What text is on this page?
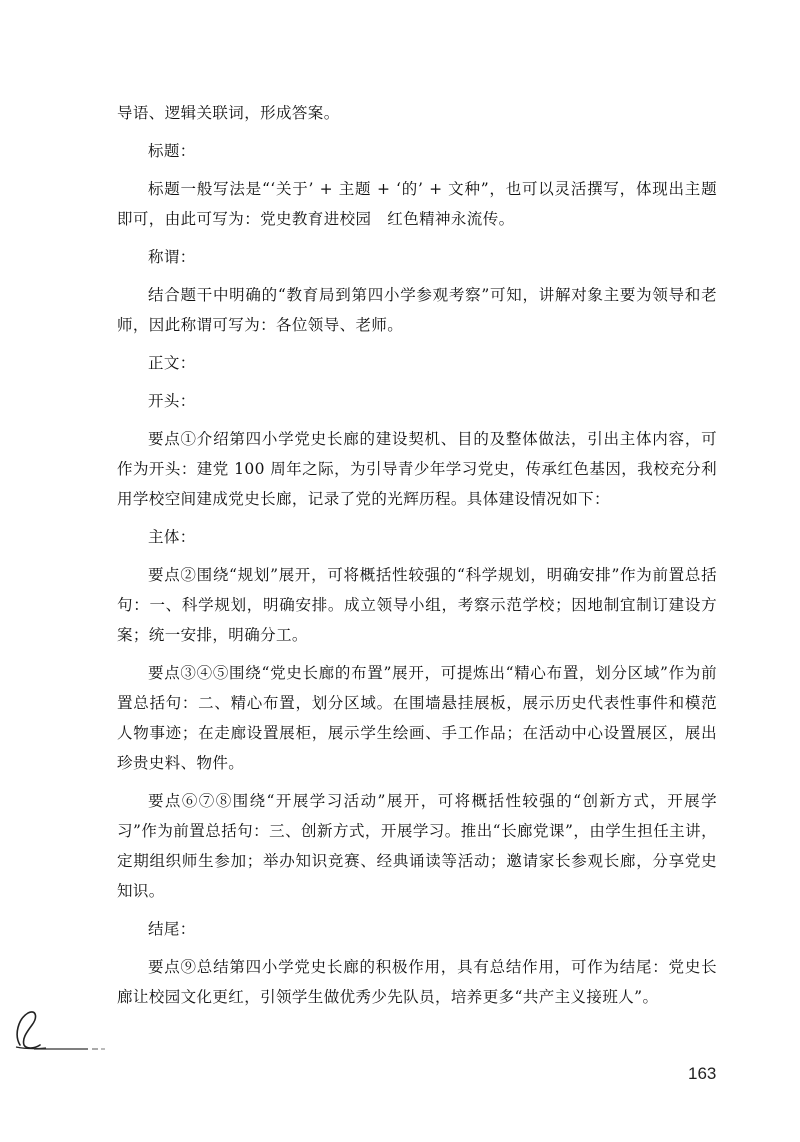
导语、逻辑关联词，形成答案。

标题：

标题一般写法是“‘关于’ + 主题 + ‘的’ + 文种”，也可以灵活撰写，体现出主题即可，由此可写为：党史教育进校园　红色精神永流传。

称谓：

结合题干中明确的“教育局到第四小学参观考察”可知，讲解对象主要为领导和老师，因此称谓可写为：各位领导、老师。

正文：

开头：

要点①介绍第四小学党史长廊的建设契机、目的及整体做法，引出主体内容，可作为开头：建党 100 周年之际，为引导青少年学习党史，传承红色基因，我校充分利用学校空间建成党史长廊，记录了党的光辉历程。具体建设情况如下：

主体：

要点②围绕“规划”展开，可将概括性较强的“科学规划，明确安排”作为前置总括句：一、科学规划，明确安排。成立领导小组，考察示范学校；因地制宜制订建设方案；统一安排，明确分工。

要点③④⑤围绕“党史长廊的布置”展开，可提炼出“精心布置，划分区域”作为前置总括句：二、精心布置，划分区域。在围墙悬挂展板，展示历史代表性事件和模范人物事迹；在走廊设置展柜，展示学生绘画、手工作品；在活动中心设置展区，展出珍贵史料、物件。

要点⑥⑦⑧围绕“开展学习活动”展开，可将概括性较强的“创新方式，开展学习”作为前置总括句：三、创新方式，开展学习。推出“长廊党课”，由学生担任主讲，定期组织师生参加；举办知识竞赛、经典诵读等活动；邀请家长参观长廊，分享党史知识。

结尾：

要点⑨总结第四小学党史长廊的积极作用，具有总结作用，可作为结尾：党史长廊让校园文化更红，引领学生做优秀少先队员，培养更多“共产主义接班人”。

163
